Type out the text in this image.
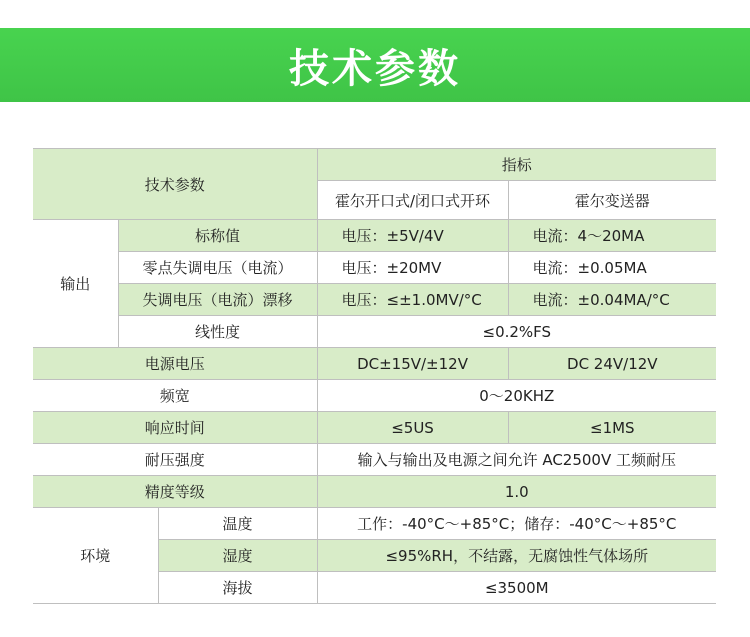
技术参数
技术参数			指标	
			霍尔开口式/闭口式开环	霍尔变送器
输出	标称值		电压：±5V/4V	电流：4～20MA
	零点失调电压（电流）		电压：±20MV	电流：±0.05MA
	失调电压（电流）漂移		电压：≤±1.0MV/°C	电流：±0.04MA/°C
	线性度		≤0.2%FS	
电源电压			DC±15V/±12V	DC 24V/12V
频宽			0～20KHZ	
响应时间			≤5US	≤1MS
耐压强度			输入与输出及电源之间允许 AC2500V 工频耐压	
精度等级			1.0	
环境		温度	工作：-40°C～+85°C；储存：-40°C～+85°C	
		湿度	≤95%RH，不结露，无腐蚀性气体场所	
		海拔	≤3500M	
